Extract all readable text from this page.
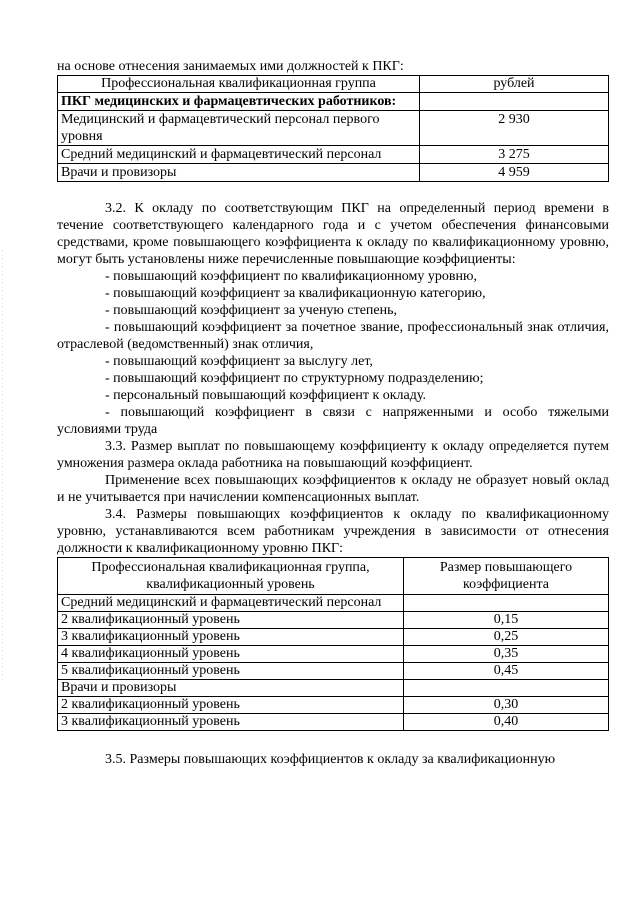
на основе отнесения занимаемых ими должностей к ПКГ:
Профессиональная квалификационная группа	рублей
ПКГ медицинских и фармацевтических работников:	
Медицинский и фармацевтический персонал первого уровня	2 930
Средний медицинский и фармацевтический персонал	3 275
Врачи и провизоры	4 959

3.2. К окладу по соответствующим ПКГ на определенный период времени в течение соответствующего календарного года и с учетом обеспечения финансовыми средствами, кроме повышающего коэффициента к окладу по квалификационному уровню, могут быть установлены ниже перечисленные повышающие коэффициенты:

- повышающий коэффициент по квалификационному уровню,

- повышающий коэффициент за квалификационную категорию,

- повышающий коэффициент за ученую степень,

- повышающий коэффициент за почетное звание, профессиональный знак отличия, отраслевой (ведомственный) знак отличия,

- повышающий коэффициент за выслугу лет,

- повышающий коэффициент по структурному подразделению;

- персональный повышающий коэффициент к окладу.

- повышающий коэффициент в связи с напряженными и особо тяжелыми условиями труда

3.3. Размер выплат по повышающему коэффициенту к окладу определяется путем умножения размера оклада работника на повышающий коэффициент.

Применение всех повышающих коэффициентов к окладу не образует новый оклад и не учитывается при начислении компенсационных выплат.

3.4. Размеры повышающих коэффициентов к окладу по квалификационному уровню, устанавливаются всем работникам учреждения в зависимости от отнесения должности к квалификационному уровню ПКГ:

Профессиональная квалификационная группа, квалификационный уровень	Размер повышающего коэффициента
Средний медицинский и фармацевтический персонал	
2 квалификационный уровень	0,15
3 квалификационный уровень	0,25
4 квалификационный уровень	0,35
5 квалификационный уровень	0,45
Врачи и провизоры	
2 квалификационный уровень	0,30
3 квалификационный уровень	0,40

3.5. Размеры повышающих коэффициентов к окладу за квалификационную
